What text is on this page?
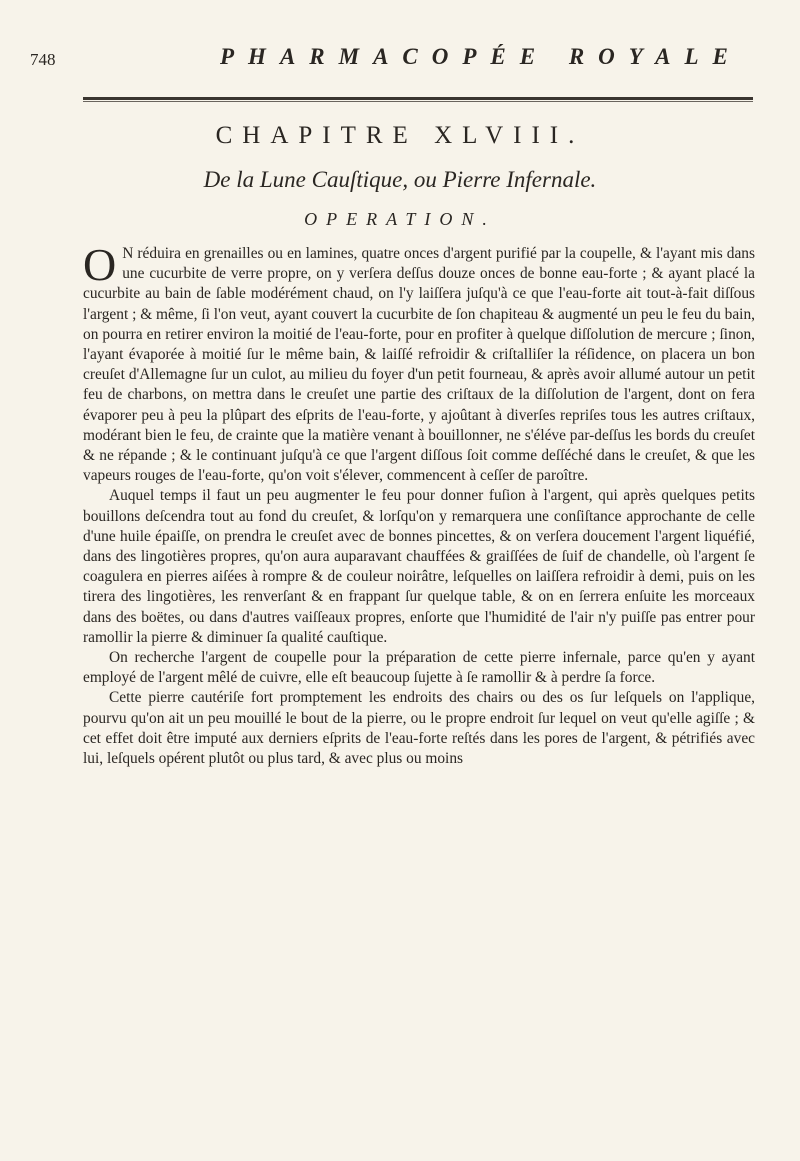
748	PHARMACOPÉE ROYALE
CHAPITRE XLVIII.
De la Lune Cauſtique, ou Pierre Infernale.
OPERATION.

O N réduira en grenailles ou en lamines, quatre onces d'argent purifié par la coupelle, & l'ayant mis dans une cucurbite de verre propre, on y verſera deſſus douze onces de bonne eau-forte ; & ayant placé la cucurbite au bain de ſable modérément chaud, on l'y laiſſera juſqu'à ce que l'eau-forte ait tout-à-fait diſſous l'argent ; & même, ſi l'on veut, ayant couvert la cucurbite de ſon chapiteau & augmenté un peu le feu du bain, on pourra en retirer environ la moitié de l'eau-forte, pour en profiter à quelque diſſolution de mercure ; ſinon, l'ayant évaporée à moitié ſur le même bain, & laiſſé refroidir & criſtalliſer la réſidence, on placera un bon creuſet d'Allemagne ſur un culot, au milieu du foyer d'un petit fourneau, & après avoir allumé autour un petit feu de charbons, on mettra dans le creuſet une partie des criſtaux de la diſſolution de l'argent, dont on fera évaporer peu à peu la plûpart des eſprits de l'eau-forte, y ajoûtant à diverſes repriſes tous les autres criſtaux, modérant bien le feu, de crainte que la matière venant à bouillonner, ne s'éléve par-deſſus les bords du creuſet & ne répande ; & le continuant juſqu'à ce que l'argent diſſous ſoit comme deſſéché dans le creuſet, & que les vapeurs rouges de l'eau-forte, qu'on voit s'élever, commencent à ceſſer de paroître.

Auquel temps il faut un peu augmenter le feu pour donner fuſion à l'argent, qui après quelques petits bouillons deſcendra tout au fond du creuſet, & lorſqu'on y remarquera une conſiſtance approchante de celle d'une huile épaiſſe, on prendra le creuſet avec de bonnes pincettes, & on verſera doucement l'argent liquéfié, dans des lingotières propres, qu'on aura auparavant chauffées & graiſſées de ſuif de chandelle, où l'argent ſe coagulera en pierres aiſées à rompre & de couleur noirâtre, leſquelles on laiſſera refroidir à demi, puis on les tirera des lingotières, les renverſant & en frappant ſur quelque table, & on en ſerrera enſuite les morceaux dans des boëtes, ou dans d'autres vaiſſeaux propres, enſorte que l'humidité de l'air n'y puiſſe pas entrer pour ramollir la pierre & diminuer ſa qualité cauſtique.

On recherche l'argent de coupelle pour la préparation de cette pierre infernale, parce qu'en y ayant employé de l'argent mêlé de cuivre, elle eſt beaucoup ſujette à ſe ramollir & à perdre ſa force.

Cette pierre cautériſe fort promptement les endroits des chairs ou des os ſur leſquels on l'applique, pourvu qu'on ait un peu mouillé le bout de la pierre, ou le propre endroit ſur lequel on veut qu'elle agiſſe ; & cet effet doit être imputé aux derniers eſprits de l'eau-forte reſtés dans les pores de l'argent, & pétrifiés avec lui, leſquels opérent plutôt ou plus tard, & avec plus ou moins
